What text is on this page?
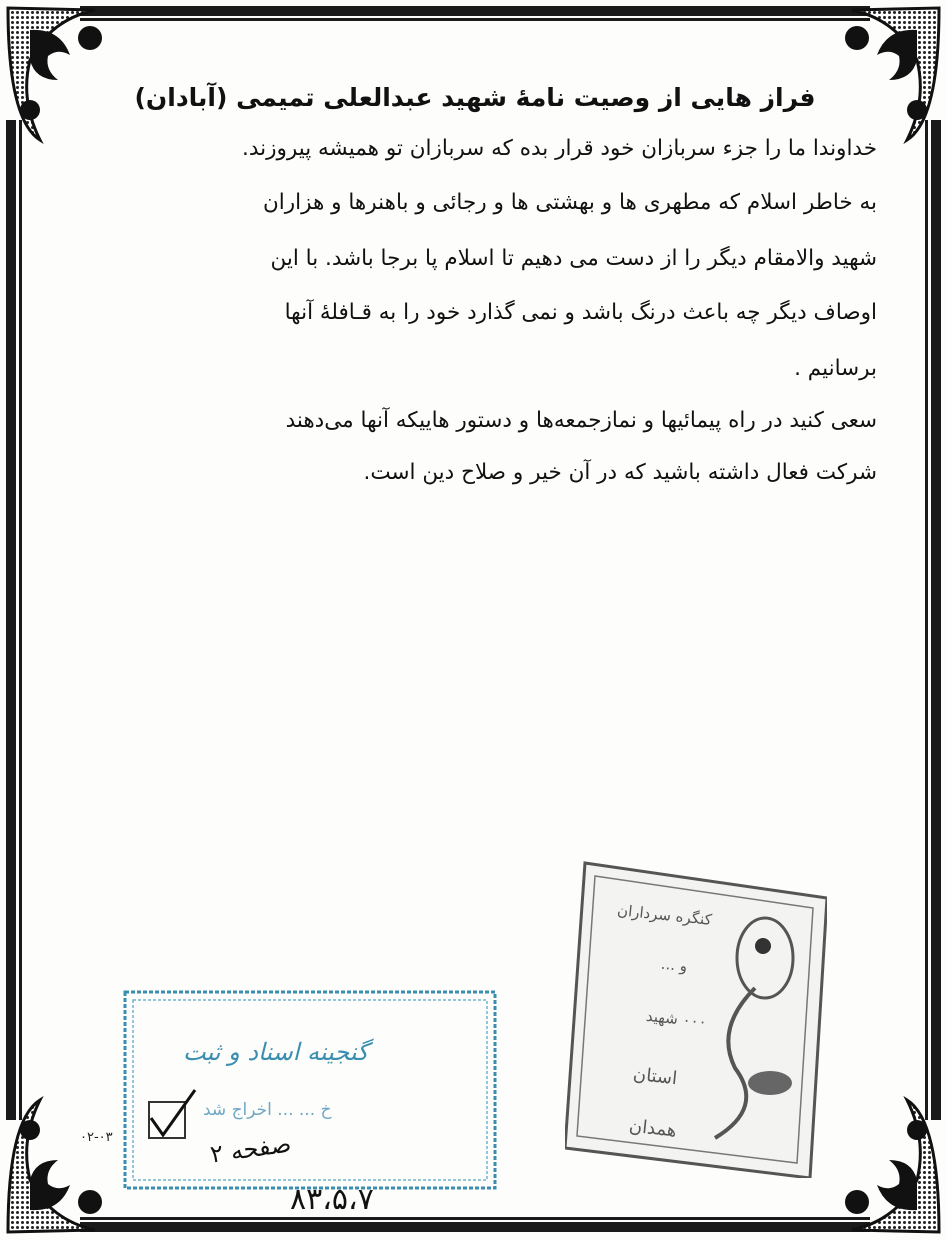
فراز هایی از وصیت نامهٔ شهید عبدالعلی تمیمی (آبادان)
خداوندا ما را جزء سربازان خود قرار بده که سربازان تو همیشه پیروزند.
به خاطر اسلام که مطهری ها و بهشتی ها و رجائی و باهنرها و هزاران
شهید والامقام دیگر را از دست می دهیم تا اسلام پا برجا باشد. با این
اوصاف دیگر چه باعث درنگ باشد و نمی گذارد خود را به قـافلهٔ آنها
برسانیم .
سعی کنید در راه پیمائیها و نمازجمعه‌ها و دستور هاییکه آنها می‌دهند
شرکت فعال داشته باشید که در آن خیر و صلاح دین است.
کنگره سرداران
و ...
۰۰۰ شهید
استان
همدان
گنجینه اسناد و ثبت
خ ... ... اخراج شد
۰۲-۰۳
صفحه ۲
۸۳،۵،۷
